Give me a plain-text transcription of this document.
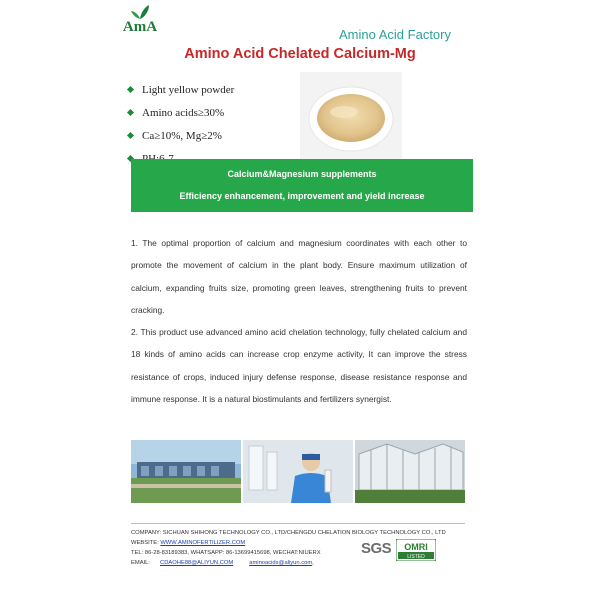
AmA	Amino Acid Factory
Amino Acid Chelated Calcium-Mg
Light yellow powder
Amino acids≥30%
Ca≥10%, Mg≥2%
Calcium&Magnesium supplements
Efficiency enhancement, improvement and yield increase

1. The optimal proportion of calcium and magnesium coordinates with each other to promote the movement of calcium in the plant body. Ensure maximum utilization of calcium, expanding fruits size, promoting green leaves, strengthening fruits to prevent cracking.

2. This product use advanced amino acid chelation technology, fully chelated calcium and 18 kinds of amino acids can increase crop enzyme activity, It can improve the stress resistance of crops, induced injury defense response, disease resistance response and immune response. It is a natural biostimulants and fertilizers synergist.

COMPANY: SICHUAN SHIHONG TECHNOLOGY CO., LTD/CHENGDU CHELATION BIOLOGY TECHNOLOGY CO., LTD
WEBSITE: WWW.AMINOFERTILIZER.COM
TEL: 86-28-83189383, WHATSAPP: 86-13699415698, WECHAT:NIUERX
EMAIL: CDAOHE88@ALIYUN.COM	aminoacids@aliyun.com,
SGS OMRI
LISTED
